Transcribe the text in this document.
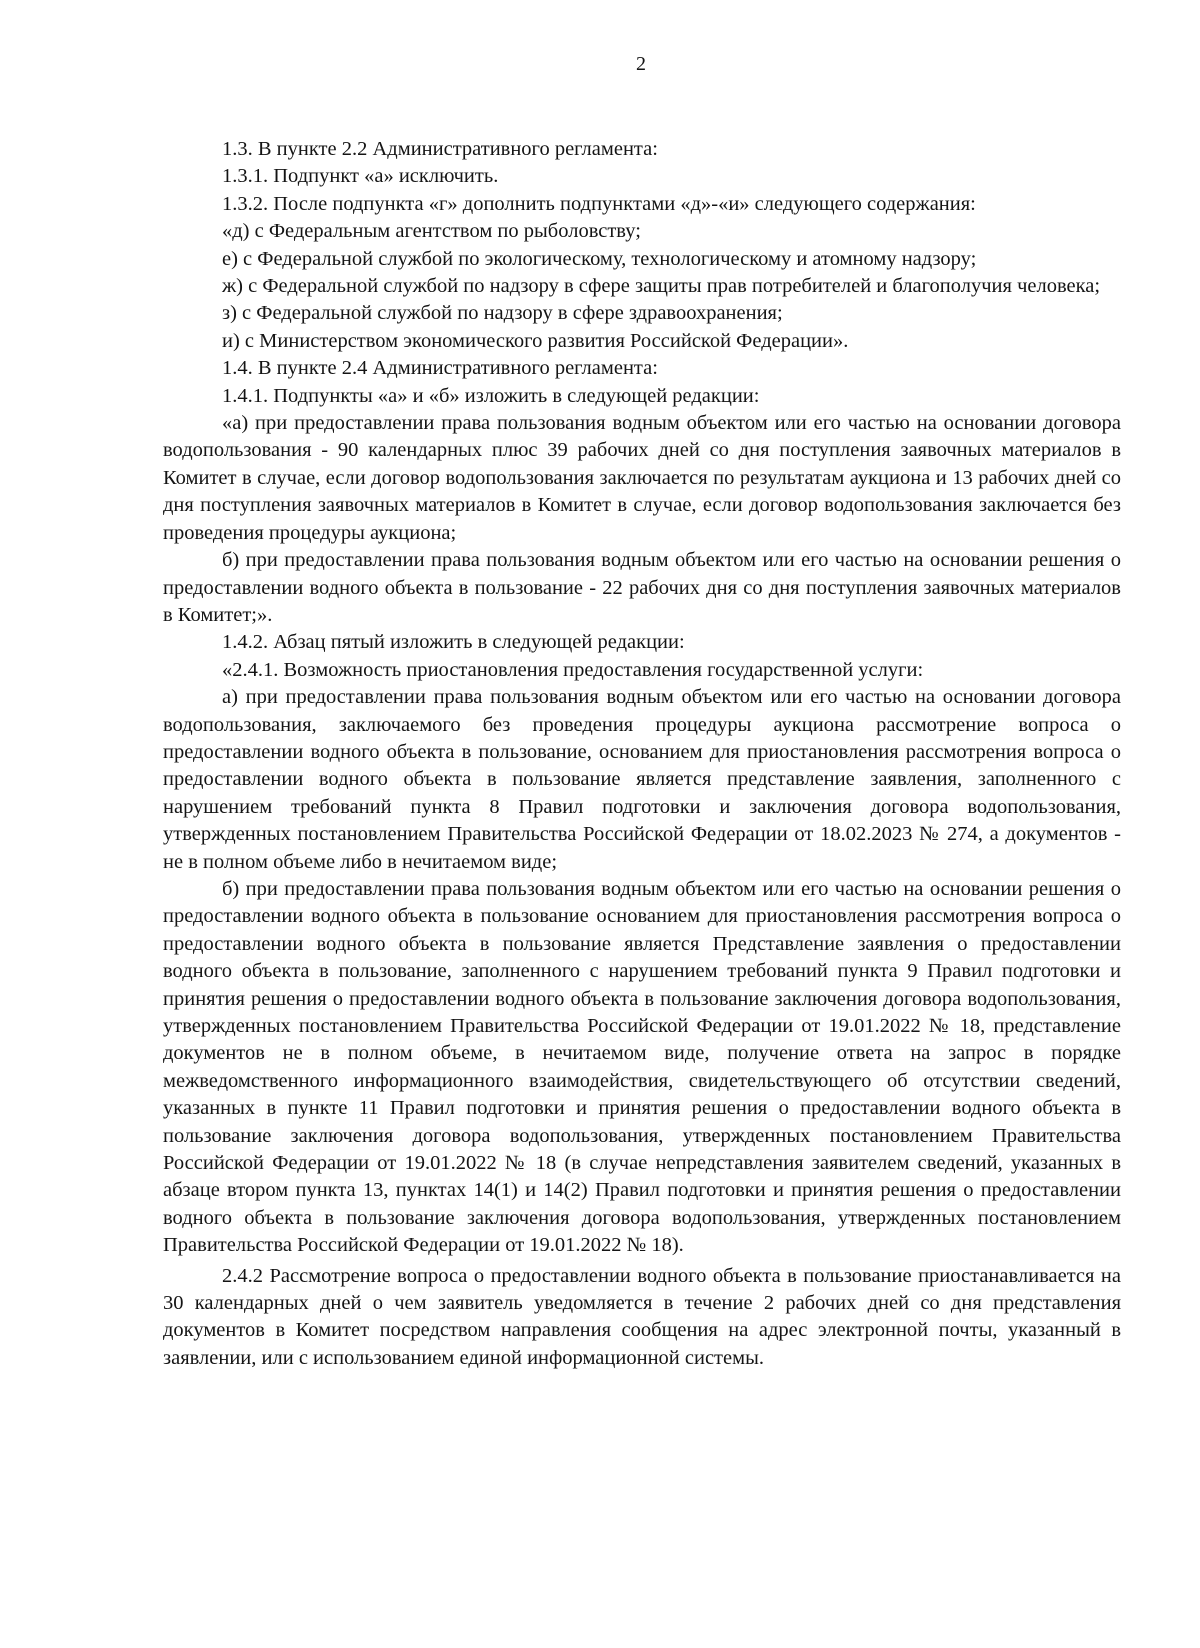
2

1.3. В пункте 2.2 Административного регламента:

1.3.1. Подпункт «а» исключить.

1.3.2. После подпункта «г» дополнить подпунктами «д»-«и» следующего содержания:

«д) с Федеральным агентством по рыболовству;

е) с Федеральной службой по экологическому, технологическому и атомному надзору;

ж) с Федеральной службой по надзору в сфере защиты прав потребителей и благополучия человека;

з) с Федеральной службой по надзору в сфере здравоохранения;

и) с Министерством экономического развития Российской Федерации».

1.4. В пункте 2.4 Административного регламента:

1.4.1. Подпункты «а» и «б» изложить в следующей редакции:

«а) при предоставлении права пользования водным объектом или его частью на основании договора водопользования - 90 календарных плюс 39 рабочих дней со дня поступления заявочных материалов в Комитет в случае, если договор водопользования заключается по результатам аукциона и 13 рабочих дней со дня поступления заявочных материалов в Комитет в случае, если договор водопользования заключается без проведения процедуры аукциона;

б) при предоставлении права пользования водным объектом или его частью на основании решения о предоставлении водного объекта в пользование - 22 рабочих дня со дня поступления заявочных материалов в Комитет;».

1.4.2. Абзац пятый изложить в следующей редакции:

«2.4.1. Возможность приостановления предоставления государственной услуги:

а) при предоставлении права пользования водным объектом или его частью на основании договора водопользования, заключаемого без проведения процедуры аукциона рассмотрение вопроса о предоставлении водного объекта в пользование, основанием для приостановления рассмотрения вопроса о предоставлении водного объекта в пользование является представление заявления, заполненного с нарушением требований пункта 8 Правил подготовки и заключения договора водопользования, утвержденных постановлением Правительства Российской Федерации от 18.02.2023 № 274, а документов - не в полном объеме либо в нечитаемом виде;

б) при предоставлении права пользования водным объектом или его частью на основании решения о предоставлении водного объекта в пользование основанием для приостановления рассмотрения вопроса о предоставлении водного объекта в пользование является Представление заявления о предоставлении водного объекта в пользование, заполненного с нарушением требований пункта 9 Правил подготовки и принятия решения о предоставлении водного объекта в пользование заключения договора водопользования, утвержденных постановлением Правительства Российской Федерации от 19.01.2022 № 18, представление документов не в полном объеме, в нечитаемом виде, получение ответа на запрос в порядке межведомственного информационного взаимодействия, свидетельствующего об отсутствии сведений, указанных в пункте 11 Правил подготовки и принятия решения о предоставлении водного объекта в пользование заключения договора водопользования, утвержденных постановлением Правительства Российской Федерации от 19.01.2022 № 18 (в случае непредставления заявителем сведений, указанных в абзаце втором пункта 13, пунктах 14(1) и 14(2) Правил подготовки и принятия решения о предоставлении водного объекта в пользование заключения договора водопользования, утвержденных постановлением Правительства Российской Федерации от 19.01.2022 № 18).

2.4.2 Рассмотрение вопроса о предоставлении водного объекта в пользование приостанавливается на 30 календарных дней о чем заявитель уведомляется в течение 2 рабочих дней со дня представления документов в Комитет посредством направления сообщения на адрес электронной почты, указанный в заявлении, или с использованием единой информационной системы.
